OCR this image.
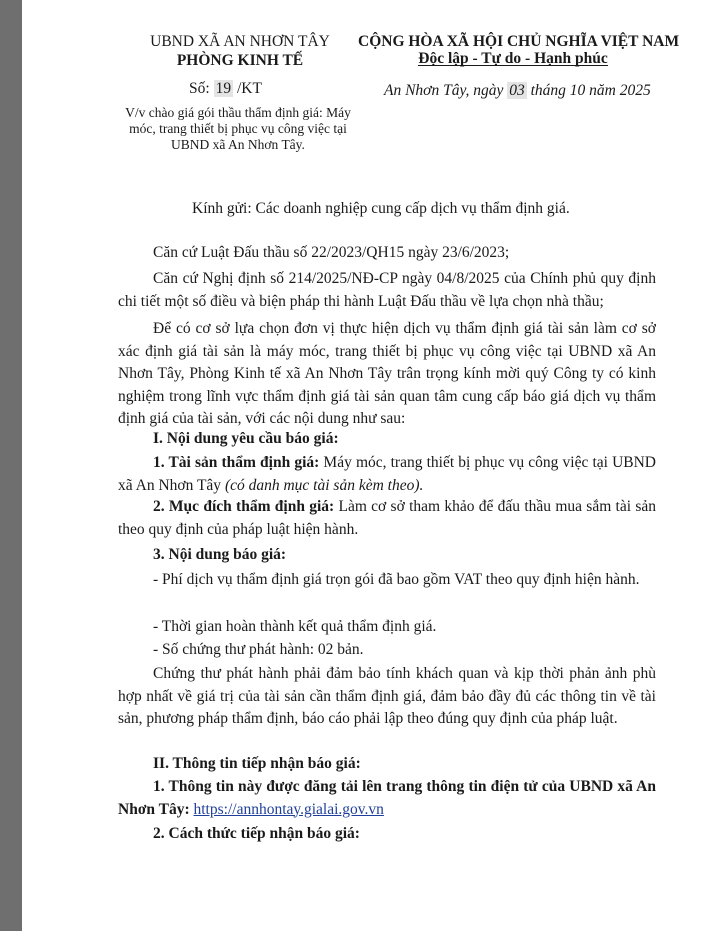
UBND XÃ AN NHƠN TÂY
PHÒNG KINH TẾ
Số: 19 /KT
V/v chào giá gói thầu thẩm định giá: Máy
móc, trang thiết bị phục vụ công việc tại
UBND xã An Nhơn Tây.
CỘNG HÒA XÃ HỘI CHỦ NGHĨA VIỆT NAM
Độc lập - Tự do - Hạnh phúc
An Nhơn Tây, ngày 03 tháng 10 năm 2025
Kính gửi: Các doanh nghiệp cung cấp dịch vụ thẩm định giá.

Căn cứ Luật Đấu thầu số 22/2023/QH15 ngày 23/6/2023;

Căn cứ Nghị định số 214/2025/NĐ-CP ngày 04/8/2025 của Chính phủ quy định chi tiết một số điều và biện pháp thi hành Luật Đấu thầu về lựa chọn nhà thầu;

Để có cơ sở lựa chọn đơn vị thực hiện dịch vụ thẩm định giá tài sản làm cơ sở xác định giá tài sản là máy móc, trang thiết bị phục vụ công việc tại UBND xã An Nhơn Tây, Phòng Kinh tế xã An Nhơn Tây trân trọng kính mời quý Công ty có kinh nghiệm trong lĩnh vực thẩm định giá tài sản quan tâm cung cấp báo giá dịch vụ thẩm định giá của tài sản, với các nội dung như sau:

I. Nội dung yêu cầu báo giá:

1. Tài sản thẩm định giá: Máy móc, trang thiết bị phục vụ công việc tại UBND xã An Nhơn Tây (có danh mục tài sản kèm theo).

2. Mục đích thẩm định giá: Làm cơ sở tham khảo để đấu thầu mua sắm tài sản theo quy định của pháp luật hiện hành.

3. Nội dung báo giá:

- Phí dịch vụ thẩm định giá trọn gói đã bao gồm VAT theo quy định hiện hành.

- Thời gian hoàn thành kết quả thẩm định giá.

- Số chứng thư phát hành: 02 bản.

Chứng thư phát hành phải đảm bảo tính khách quan và kịp thời phản ảnh phù hợp nhất về giá trị của tài sản cần thẩm định giá, đảm bảo đầy đủ các thông tin về tài sản, phương pháp thẩm định, báo cáo phải lập theo đúng quy định của pháp luật.

II. Thông tin tiếp nhận báo giá:

1. Thông tin này được đăng tải lên trang thông tin điện tử của UBND xã An Nhơn Tây: https://annhontay.gialai.gov.vn

2. Cách thức tiếp nhận báo giá:
